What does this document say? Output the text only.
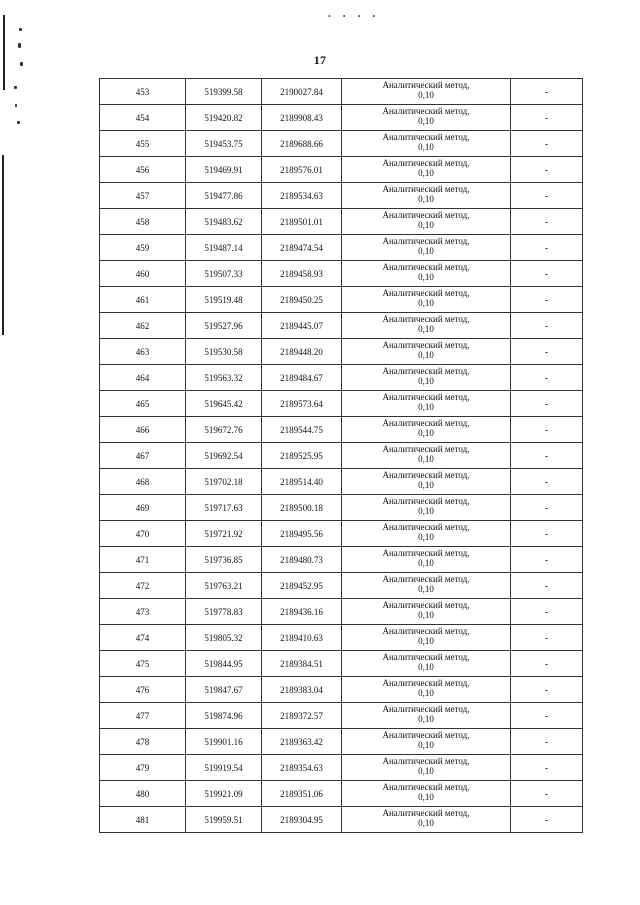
• • • •
17
453	519399.58	2190027.84	Аналитический метод,
0,10	-
454	519420.82	2189908.43	Аналитический метод,
0,10	-
455	519453.75	2189688.66	Аналитический метод,
0,10	-
456	519469.91	2189576.01	Аналитический метод,
0,10	-
457	519477.86	2189534.63	Аналитический метод,
0,10	-
458	519483.62	2189501.01	Аналитический метод,
0,10	-
459	519487.14	2189474.54	Аналитический метод,
0,10	-
460	519507.33	2189458.93	Аналитический метод,
0,10	-
461	519519.48	2189450.25	Аналитический метод,
0,10	-
462	519527.96	2189445.07	Аналитический метод,
0,10	-
463	519530.58	2189448.20	Аналитический метод,
0,10	-
464	519563.32	2189484.67	Аналитический метод,
0,10	-
465	519645.42	2189573.64	Аналитический метод,
0,10	-
466	519672.76	2189544.75	Аналитический метод,
0,10	-
467	519692.54	2189525.95	Аналитический метод,
0,10	-
468	519702.18	2189514.40	Аналитический метод,
0,10	-
469	519717.63	2189500.18	Аналитический метод,
0,10	-
470	519721.92	2189495.56	Аналитический метод,
0,10	-
471	519736.85	2189480.73	Аналитический метод,
0,10	-
472	519763.21	2189452.95	Аналитический метод,
0,10	-
473	519778.83	2189436.16	Аналитический метод,
0,10	-
474	519805.32	2189410.63	Аналитический метод,
0,10	-
475	519844.95	2189384.51	Аналитический метод,
0,10	-
476	519847.67	2189383.04	Аналитический метод,
0,10	-
477	519874.96	2189372.57	Аналитический метод,
0,10	-
478	519901.16	2189363.42	Аналитический метод,
0,10	-
479	519919.54	2189354.63	Аналитический метод,
0,10	-
480	519921.09	2189351.06	Аналитический метод,
0,10	-
481	519959.51	2189304.95	Аналитический метод,
0,10	-
